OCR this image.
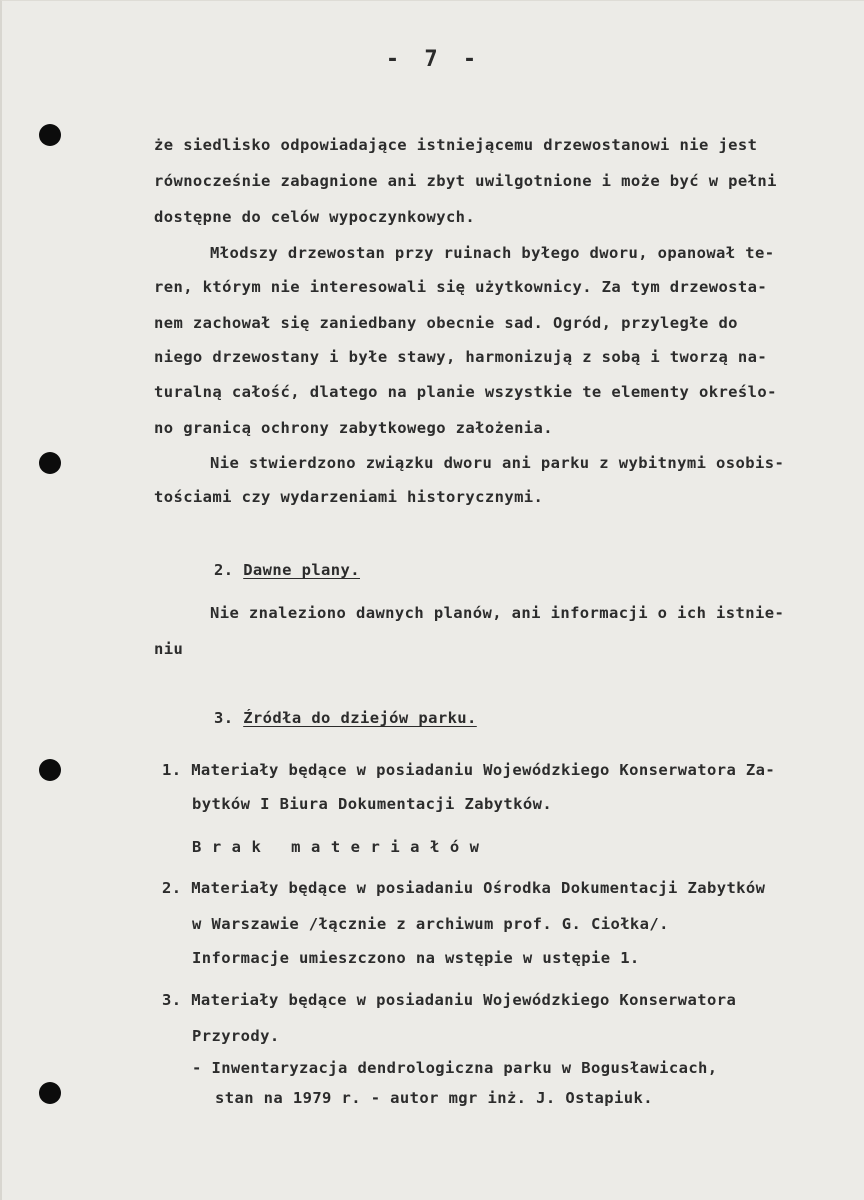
- 7 -
że siedlisko odpowiadające istniejącemu drzewostanowi nie jest
równocześnie zabagnione ani zbyt uwilgotnione i może być w pełni
dostępne do celów wypoczynkowych.
Młodszy drzewostan przy ruinach byłego dworu, opanował te-
ren, którym nie interesowali się użytkownicy. Za tym drzewosta-
nem zachował się zaniedbany obecnie sad. Ogród, przyległe do
niego drzewostany i byłe stawy, harmonizują z sobą i tworzą na-
turalną całość, dlatego na planie wszystkie te elementy określo-
no granicą ochrony zabytkowego założenia.
Nie stwierdzono związku dworu ani parku z wybitnymi osobis-
tościami czy wydarzeniami historycznymi.
2. Dawne plany.
Nie znaleziono dawnych planów, ani informacji o ich istnie-
niu
3. Źródła do dziejów parku.
1. Materiały będące w posiadaniu Wojewódzkiego Konserwatora Za-
bytków I Biura Dokumentacji Zabytków.
Brak materiałów
2. Materiały będące w posiadaniu Ośrodka Dokumentacji Zabytków
w Warszawie /łącznie z archiwum prof. G. Ciołka/.
Informacje umieszczono na wstępie w ustępie 1.
3. Materiały będące w posiadaniu Wojewódzkiego Konserwatora
Przyrody.
- Inwentaryzacja dendrologiczna parku w Bogusławicach,
stan na 1979 r. - autor mgr inż. J. Ostapiuk.
